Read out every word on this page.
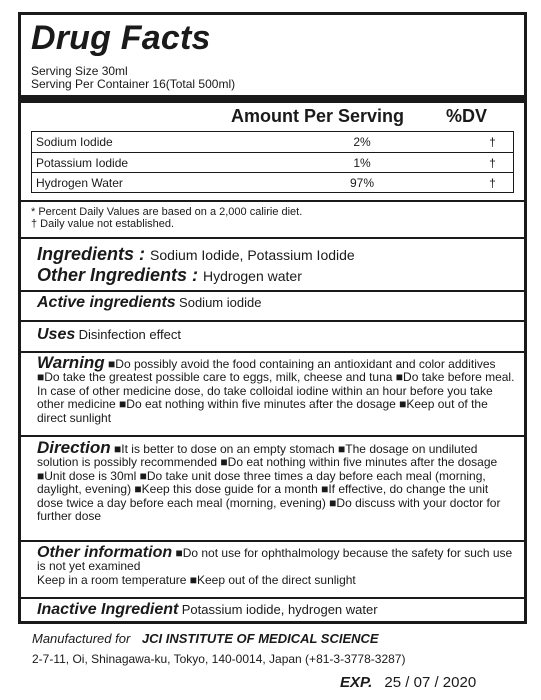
Drug Facts
Serving Size 30ml
Serving Per Container 16(Total 500ml)
Amount Per Serving %DV
Sodium Iodide	2%	†
Potassium Iodide	1%	†
Hydrogen Water	97%	†
* Percent Daily Values are based on a 2,000 calirie diet.
† Daily value not established.
Ingredients : Sodium Iodide, Potassium Iodide
Other Ingredients : Hydrogen water
Active ingredients Sodium iodide
Uses Disinfection effect
Warning ■Do possibly avoid the food containing an antioxidant and color additives ■Do take the greatest possible care to eggs, milk, cheese and tuna ■Do take before meal. In case of other medicine dose, do take colloidal iodine within an hour before you take other medicine ■Do eat nothing within five minutes after the dosage ■Keep out of the direct sunlight
Direction ■It is better to dose on an empty stomach ■The dosage on undiluted solution is possibly recommended ■Do eat nothing within five minutes after the dosage ■Unit dose is 30ml ■Do take unit dose three times a day before each meal (morning, daylight, evening) ■Keep this dose guide for a month ■If effective, do change the unit dose twice a day before each meal (morning, evening) ■Do discuss with your doctor for further dose
Other information ■Do not use for ophthalmology because the safety for such use is not yet examined
Keep in a room temperature ■Keep out of the direct sunlight
Inactive Ingredient Potassium iodide, hydrogen water
Manufactured for JCI INSTITUTE OF MEDICAL SCIENCE
2-7-11, Oi, Shinagawa-ku, Tokyo, 140-0014, Japan (+81-3-3778-3287)
EXP. 25 / 07 / 2020
